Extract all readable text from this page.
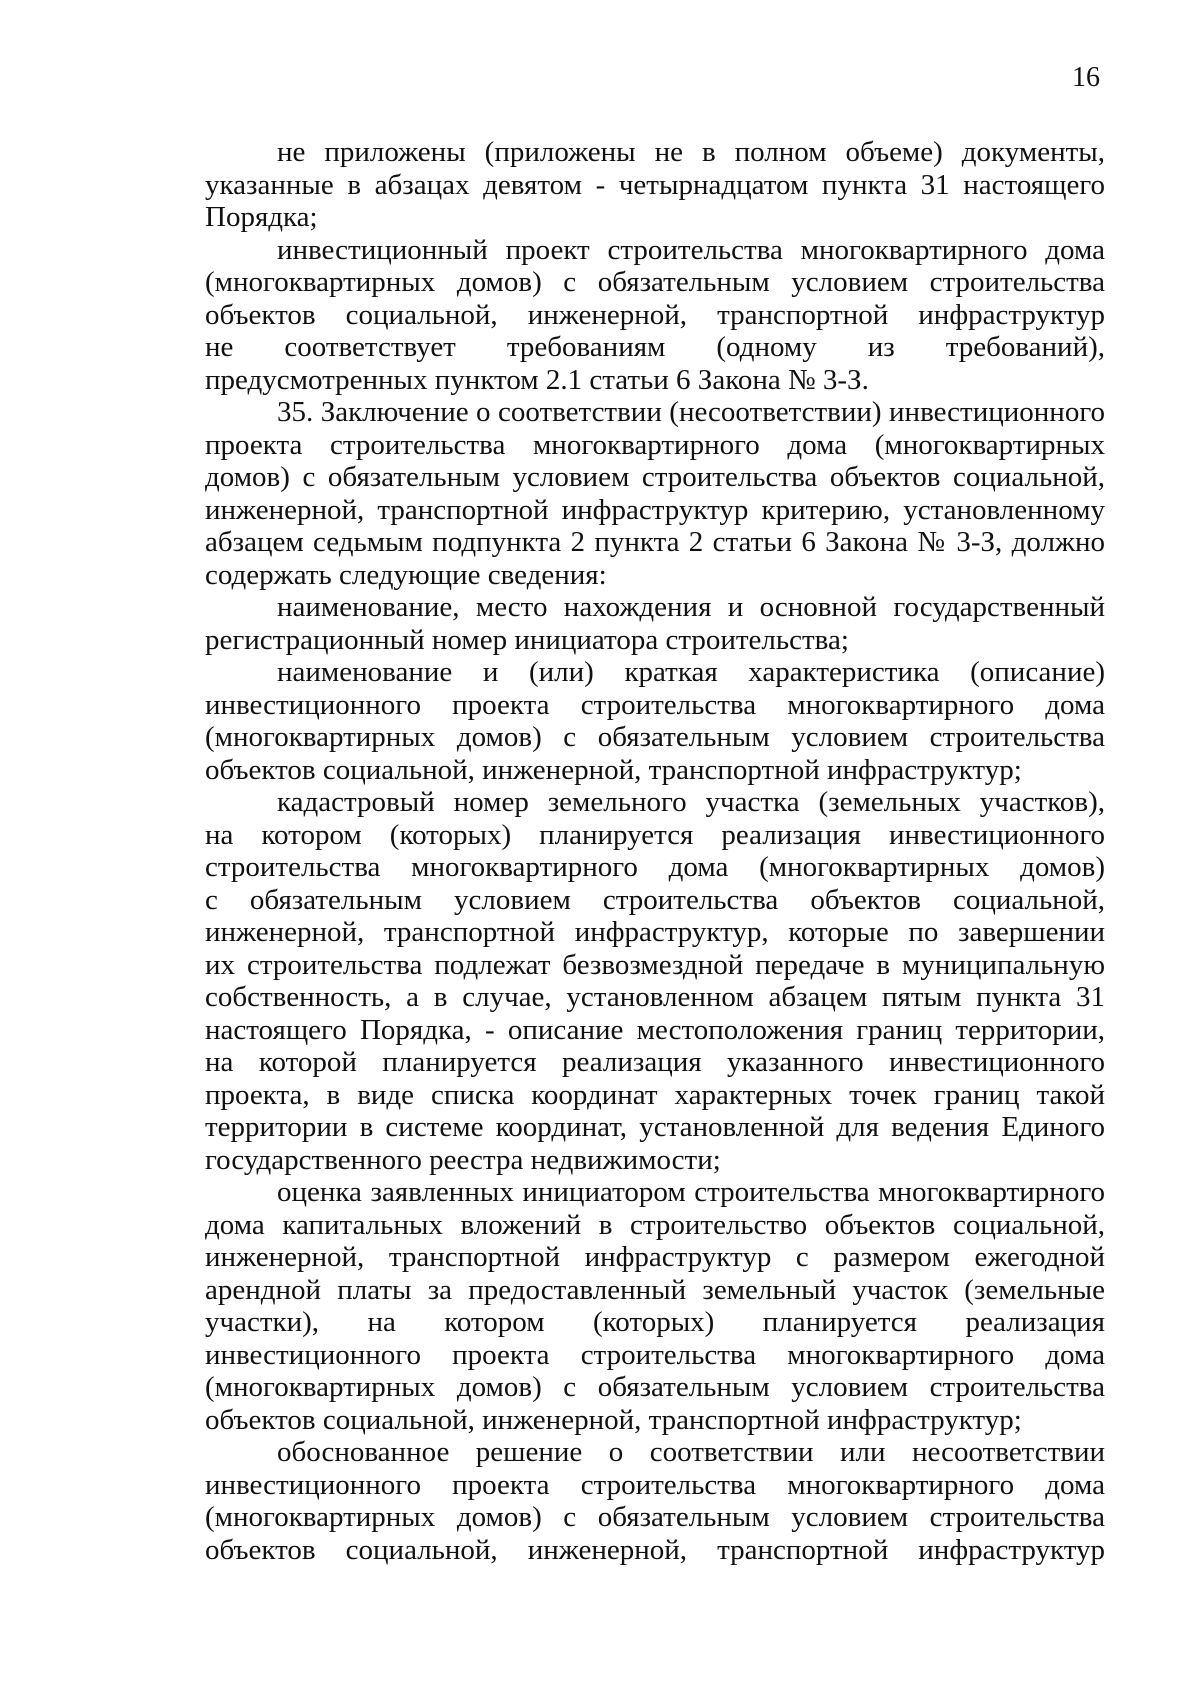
16
не приложены (приложены не в полном объеме) документы,
указанные в абзацах девятом - четырнадцатом пункта 31 настоящего
Порядка;
инвестиционный проект строительства многоквартирного дома
(многоквартирных домов) с обязательным условием строительства
объектов социальной, инженерной, транспортной инфраструктур
не соответствует требованиям (одному из требований),
предусмотренных пунктом 2.1 статьи 6 Закона № 3-З.
35. Заключение о соответствии (несоответствии) инвестиционного
проекта строительства многоквартирного дома (многоквартирных
домов) с обязательным условием строительства объектов социальной,
инженерной, транспортной инфраструктур критерию, установленному
абзацем седьмым подпункта 2 пункта 2 статьи 6 Закона № 3-З, должно
содержать следующие сведения:
наименование, место нахождения и основной государственный
регистрационный номер инициатора строительства;
наименование и (или) краткая характеристика (описание)
инвестиционного проекта строительства многоквартирного дома
(многоквартирных домов) с обязательным условием строительства
объектов социальной, инженерной, транспортной инфраструктур;
кадастровый номер земельного участка (земельных участков),
на котором (которых) планируется реализация инвестиционного
строительства многоквартирного дома (многоквартирных домов)
с обязательным условием строительства объектов социальной,
инженерной, транспортной инфраструктур, которые по завершении
их строительства подлежат безвозмездной передаче в муниципальную
собственность, а в случае, установленном абзацем пятым пункта 31
настоящего Порядка, - описание местоположения границ территории,
на которой планируется реализация указанного инвестиционного
проекта, в виде списка координат характерных точек границ такой
территории в системе координат, установленной для ведения Единого
государственного реестра недвижимости;
оценка заявленных инициатором строительства многоквартирного
дома капитальных вложений в строительство объектов социальной,
инженерной, транспортной инфраструктур с размером ежегодной
арендной платы за предоставленный земельный участок (земельные
участки), на котором (которых) планируется реализация
инвестиционного проекта строительства многоквартирного дома
(многоквартирных домов) с обязательным условием строительства
объектов социальной, инженерной, транспортной инфраструктур;
обоснованное решение о соответствии или несоответствии
инвестиционного проекта строительства многоквартирного дома
(многоквартирных домов) с обязательным условием строительства
объектов социальной, инженерной, транспортной инфраструктур
